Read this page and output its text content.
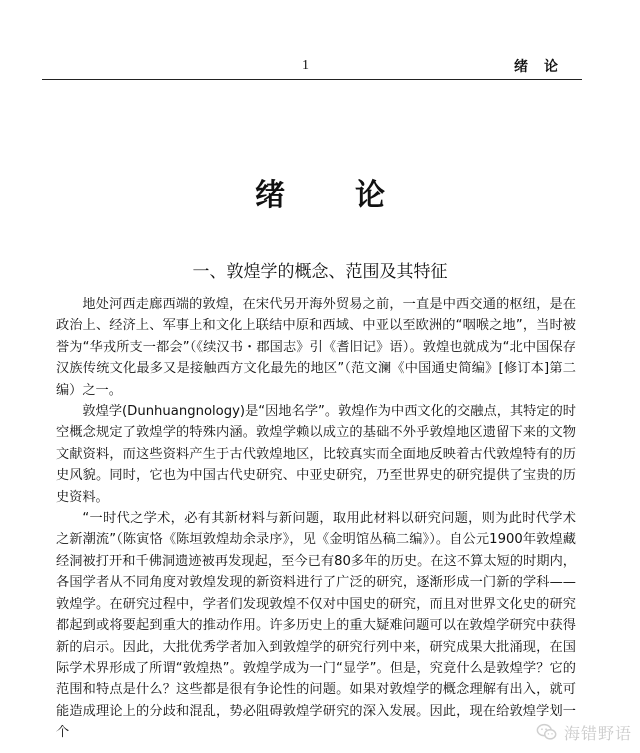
1	绪论
绪论
一、敦煌学的概念、范围及其特征

地处河西走廊西端的敦煌，在宋代另开海外贸易之前，一直是中西交通的枢纽，是在政治上、经济上、军事上和文化上联结中原和西域、中亚以至欧洲的“咽喉之地”，当时被誉为“华戎所支一都会”（《续汉书・郡国志》引《耆旧记》语）。敦煌也就成为“北中国保存汉族传统文化最多又是接触西方文化最先的地区”（范文澜《中国通史简编》[修订本]第二编）之一。

敦煌学(Dunhuangnology)是“因地名学”。敦煌作为中西文化的交融点，其特定的时空概念规定了敦煌学的特殊内涵。敦煌学赖以成立的基础不外乎敦煌地区遗留下来的文物文献资料，而这些资料产生于古代敦煌地区，比较真实而全面地反映着古代敦煌特有的历史风貌。同时，它也为中国古代史研究、中亚史研究，乃至世界史的研究提供了宝贵的历史资料。

“一时代之学术，必有其新材料与新问题，取用此材料以研究问题，则为此时代学术之新潮流”（陈寅恪《陈垣敦煌劫余录序》，见《金明馆丛稿二编》）。自公元1900年敦煌藏经洞被打开和千佛洞遗迹被再发现起，至今已有80多年的历史。在这不算太短的时期内，各国学者从不同角度对敦煌发现的新资料进行了广泛的研究，逐渐形成一门新的学科——敦煌学。在研究过程中，学者们发现敦煌不仅对中国史的研究，而且对世界文化史的研究都起到或将要起到重大的推动作用。许多历史上的重大疑难问题可以在敦煌学研究中获得新的启示。因此，大批优秀学者加入到敦煌学的研究行列中来，研究成果大批涌现，在国际学术界形成了所谓“敦煌热”。敦煌学成为一门“显学”。但是，究竟什么是敦煌学？它的范围和特点是什么？这些都是很有争论性的问题。如果对敦煌学的概念理解有出入，就可能造成理论上的分歧和混乱，势必阻碍敦煌学研究的深入发展。因此，现在给敦煌学划一个	海错野语
